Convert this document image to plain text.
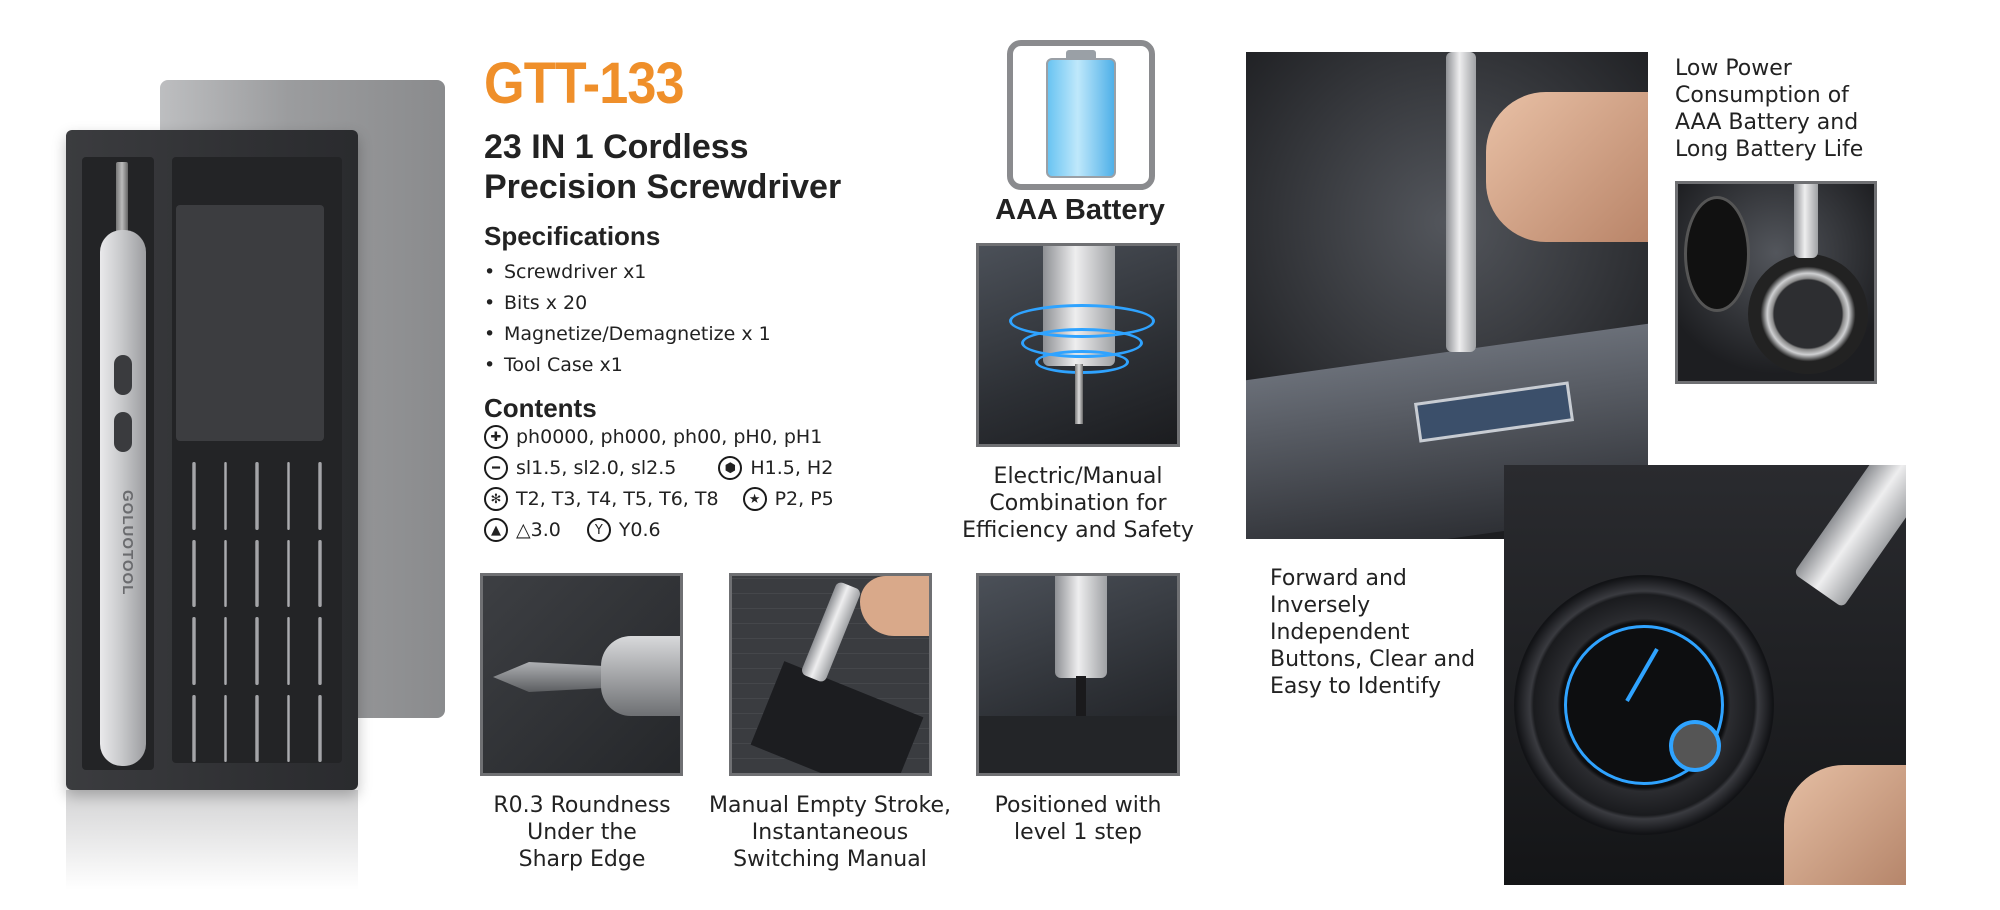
GOLUOTOOL
GTT-133
23 IN 1 Cordless
Precision Screwdriver
Specifications
• Screwdriver x1
• Bits x 20
• Magnetize/Demagnetize x 1
• Tool Case x1
Contents
✚ ph0000, ph000, ph00, pH0, pH1
━ sl1.5, sl2.0, sl2.5	⬢ H1.5, H2
✻ T2, T3, T4, T5, T6, T8	★ P2, P5
▲ △3.0	Y Y0.6
AAA Battery
Electric/Manual
Combination for
Efficiency and Safety
R0.3 Roundness
Under the
Sharp Edge
Manual Empty Stroke,
Instantaneous
Switching Manual
Positioned with
level 1 step
Low Power
Consumption of
AAA Battery and
Long Battery Life
Forward and
Inversely
Independent
Buttons, Clear and
Easy to Identify
